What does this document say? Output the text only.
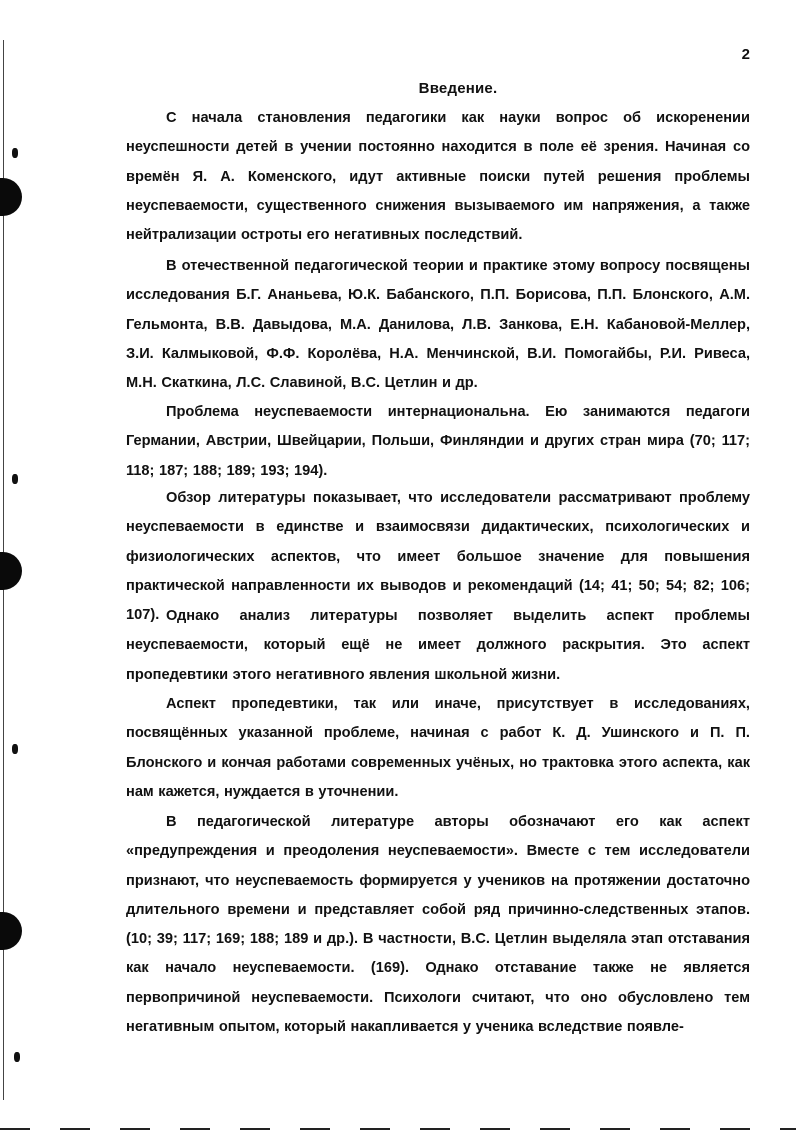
2
Введение.

С начала становления педагогики как науки вопрос об искоренении неуспешности детей в учении постоянно находится в поле её зрения. Начиная со времён Я. А. Коменского, идут активные поиски путей решения проблемы неуспеваемости, существенного снижения вызываемого им напряжения, а также нейтрализации остроты его негативных последствий.

В отечественной педагогической теории и практике этому вопросу посвящены исследования Б.Г. Ананьева, Ю.К. Бабанского, П.П. Борисова, П.П. Блонского, А.М. Гельмонта, В.В. Давыдова, М.А. Данилова, Л.В. Занкова, Е.Н. Кабановой-Меллер, З.И. Калмыковой, Ф.Ф. Королёва, Н.А. Менчинской, В.И. Помогайбы, Р.И. Ривеса, М.Н. Скаткина, Л.С. Славиной, В.С. Цетлин и др.

Проблема неуспеваемости интернациональна. Ею занимаются педагоги Германии, Австрии, Швейцарии, Польши, Финляндии и других стран мира (70; 117; 118; 187; 188; 189; 193; 194).

Обзор литературы показывает, что исследователи рассматривают проблему неуспеваемости в единстве и взаимосвязи дидактических, психологических и физиологических аспектов, что имеет большое значение для повышения практической направленности их выводов и рекомендаций (14; 41; 50; 54; 82; 106; 107). Однако анализ литературы позволяет выделить аспект проблемы неуспеваемости, который ещё не имеет должного раскрытия. Это аспект пропедевтики этого негативного явления школьной жизни.

Аспект пропедевтики, так или иначе, присутствует в исследованиях, посвящённых указанной проблеме, начиная с работ К. Д. Ушинского и П. П. Блонского и кончая работами современных учёных, но трактовка этого аспекта, как нам кажется, нуждается в уточнении.

В педагогической литературе авторы обозначают его как аспект «предупреждения и преодоления неуспеваемости». Вместе с тем исследователи признают, что неуспеваемость формируется у учеников на протяжении достаточно длительного времени и представляет собой ряд причинно-следственных этапов. (10; 39; 117; 169; 188; 189 и др.). В частности, В.С. Цетлин выделяла этап отставания как начало неуспеваемости. (169). Однако отставание также не является первопричиной неуспеваемости. Психологи считают, что оно обусловлено тем негативным опытом, который накапливается у ученика вследствие появле-
